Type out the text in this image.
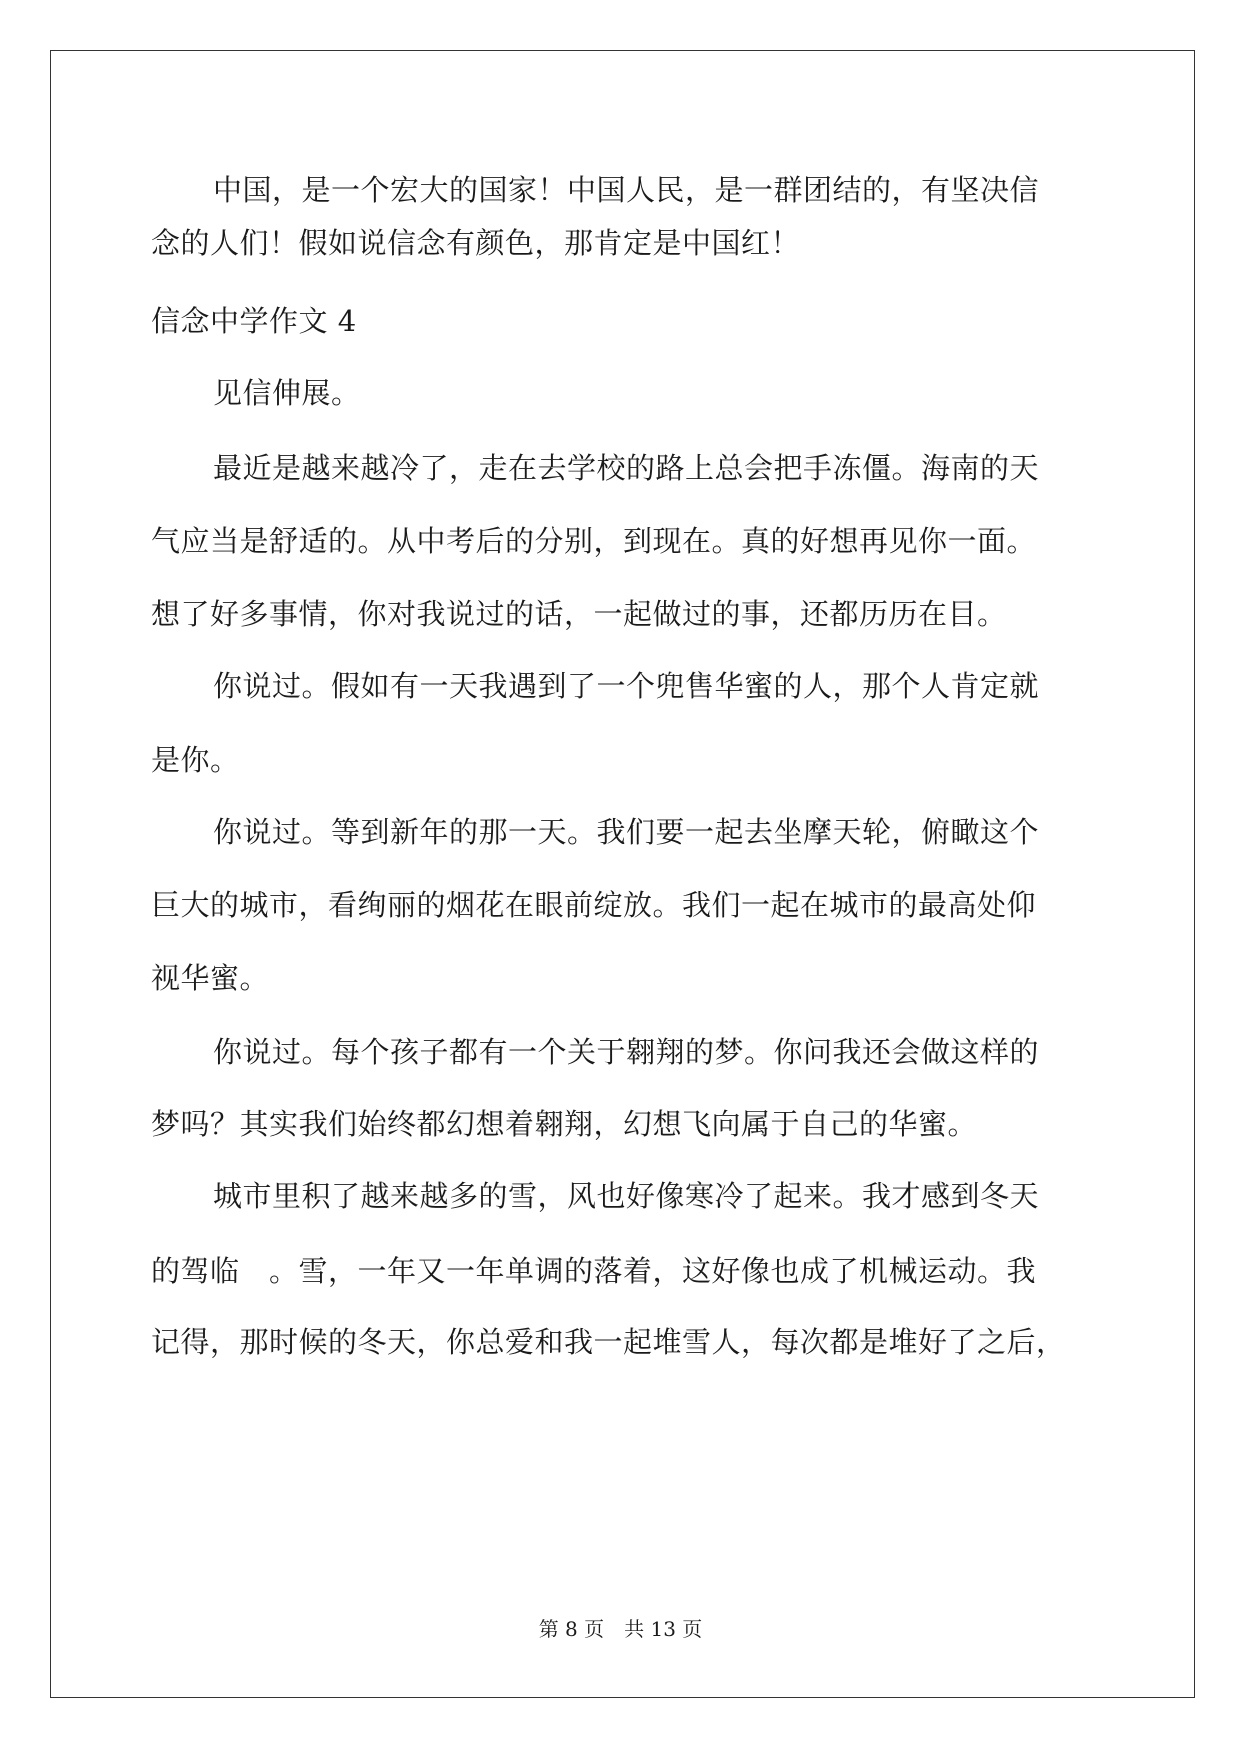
中国，是一个宏大的国家！中国人民，是一群团结的，有坚决信
念的人们！假如说信念有颜色，那肯定是中国红！
信念中学作文 4
见信伸展。
最近是越来越冷了，走在去学校的路上总会把手冻僵。海南的天
气应当是舒适的。从中考后的分别，到现在。真的好想再见你一面。
想了好多事情，你对我说过的话，一起做过的事，还都历历在目。
你说过。假如有一天我遇到了一个兜售华蜜的人，那个人肯定就
是你。
你说过。等到新年的那一天。我们要一起去坐摩天轮，俯瞰这个
巨大的城市，看绚丽的烟花在眼前绽放。我们一起在城市的最高处仰
视华蜜。
你说过。每个孩子都有一个关于翱翔的梦。你问我还会做这样的
梦吗？其实我们始终都幻想着翱翔，幻想飞向属于自己的华蜜。
城市里积了越来越多的雪，风也好像寒冷了起来。我才感到冬天
的驾临　。雪，一年又一年单调的落着，这好像也成了机械运动。我
记得，那时候的冬天，你总爱和我一起堆雪人，每次都是堆好了之后，
第 8 页　共 13 页
